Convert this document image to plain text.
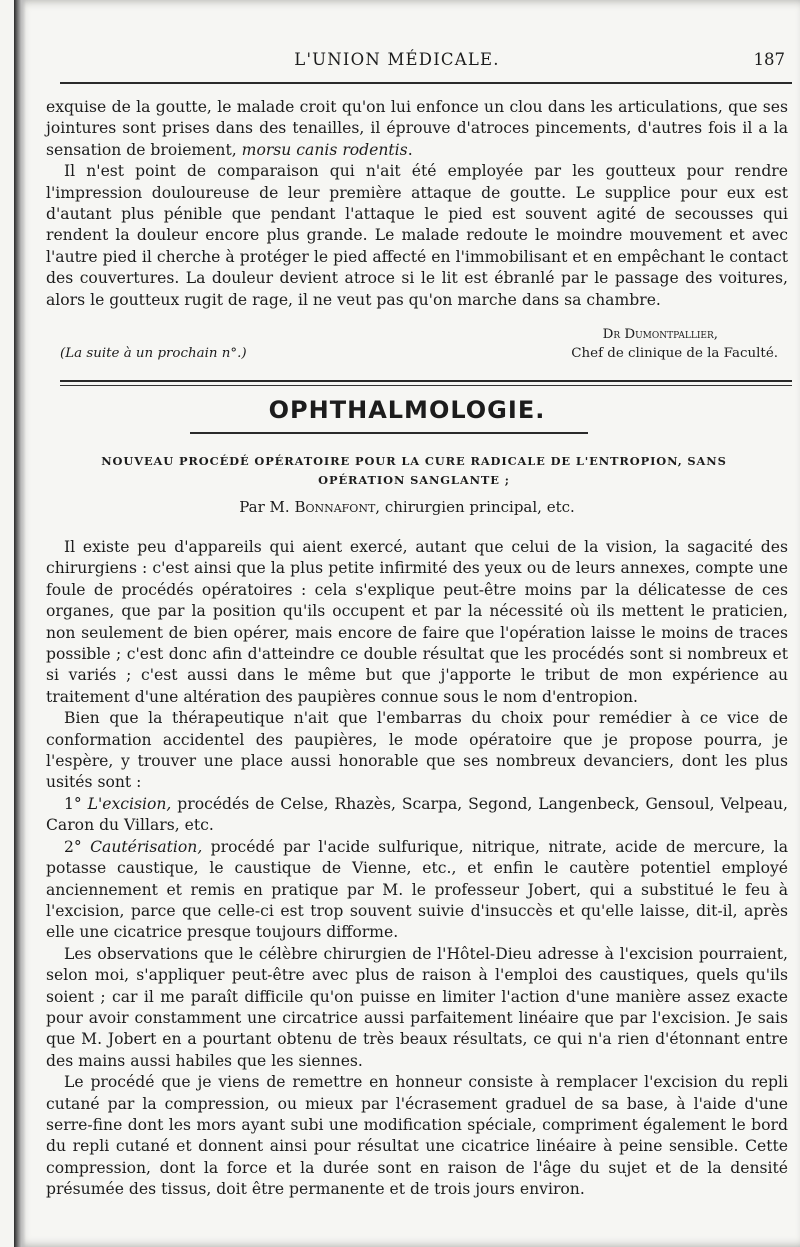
L'UNION MÉDICALE.	187

exquise de la goutte, le malade croit qu'on lui enfonce un clou dans les articulations, que ses jointures sont prises dans des tenailles, il éprouve d'atroces pincements, d'autres fois il a la sensation de broiement, morsu canis rodentis.

Il n'est point de comparaison qui n'ait été employée par les goutteux pour rendre l'impression douloureuse de leur première attaque de goutte. Le supplice pour eux est d'autant plus pénible que pendant l'attaque le pied est souvent agité de secousses qui rendent la douleur encore plus grande. Le malade redoute le moindre mouvement et avec l'autre pied il cherche à protéger le pied affecté en l'immobilisant et en empêchant le contact des couvertures. La douleur devient atroce si le lit est ébranlé par le passage des voitures, alors le goutteux rugit de rage, il ne veut pas qu'on marche dans sa chambre.

(La suite à un prochain n°.)
Dr Dumontpallier,
Chef de clinique de la Faculté.
OPHTHALMOLOGIE.
NOUVEAU PROCÉDÉ OPÉRATOIRE POUR LA CURE RADICALE DE L'ENTROPION, SANS OPÉRATION SANGLANTE ;
Par M. Bonnafont, chirurgien principal, etc.

Il existe peu d'appareils qui aient exercé, autant que celui de la vision, la sagacité des chirurgiens : c'est ainsi que la plus petite infirmité des yeux ou de leurs annexes, compte une foule de procédés opératoires : cela s'explique peut-être moins par la délicatesse de ces organes, que par la position qu'ils occupent et par la nécessité où ils mettent le praticien, non seulement de bien opérer, mais encore de faire que l'opération laisse le moins de traces possible ; c'est donc afin d'atteindre ce double résultat que les procédés sont si nombreux et si variés ; c'est aussi dans le même but que j'apporte le tribut de mon expérience au traitement d'une altération des paupières connue sous le nom d'entropion.

Bien que la thérapeutique n'ait que l'embarras du choix pour remédier à ce vice de conformation accidentel des paupières, le mode opératoire que je propose pourra, je l'espère, y trouver une place aussi honorable que ses nombreux devanciers, dont les plus usités sont :

1° L'excision, procédés de Celse, Rhazès, Scarpa, Segond, Langenbeck, Gensoul, Velpeau, Caron du Villars, etc.

2° Cautérisation, procédé par l'acide sulfurique, nitrique, nitrate, acide de mercure, la potasse caustique, le caustique de Vienne, etc., et enfin le cautère potentiel employé anciennement et remis en pratique par M. le professeur Jobert, qui a substitué le feu à l'excision, parce que celle-ci est trop souvent suivie d'insuccès et qu'elle laisse, dit-il, après elle une cicatrice presque toujours difforme.

Les observations que le célèbre chirurgien de l'Hôtel-Dieu adresse à l'excision pourraient, selon moi, s'appliquer peut-être avec plus de raison à l'emploi des caustiques, quels qu'ils soient ; car il me paraît difficile qu'on puisse en limiter l'action d'une manière assez exacte pour avoir constamment une circatrice aussi parfaitement linéaire que par l'excision. Je sais que M. Jobert en a pourtant obtenu de très beaux résultats, ce qui n'a rien d'étonnant entre des mains aussi habiles que les siennes.

Le procédé que je viens de remettre en honneur consiste à remplacer l'excision du repli cutané par la compression, ou mieux par l'écrasement graduel de sa base, à l'aide d'une serre-fine dont les mors ayant subi une modification spéciale, compriment également le bord du repli cutané et donnent ainsi pour résultat une cicatrice linéaire à peine sensible. Cette compression, dont la force et la durée sont en raison de l'âge du sujet et de la densité présumée des tissus, doit être permanente et de trois jours environ.
